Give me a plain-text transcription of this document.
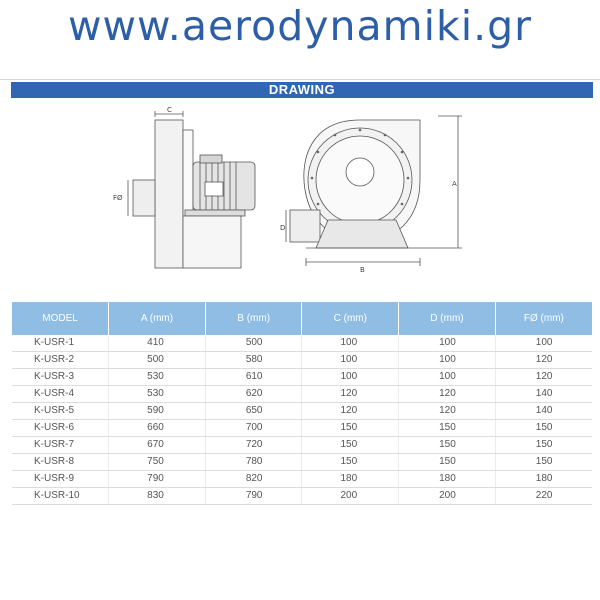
www.aerodynamiki.gr
DRAWING
C
FØ
D
B
A
MODEL	A (mm)	B (mm)	C (mm)	D (mm)	FØ (mm)
K-USR-1	410	500	100	100	100
K-USR-2	500	580	100	100	120
K-USR-3	530	610	100	100	120
K-USR-4	530	620	120	120	140
K-USR-5	590	650	120	120	140
K-USR-6	660	700	150	150	150
K-USR-7	670	720	150	150	150
K-USR-8	750	780	150	150	150
K-USR-9	790	820	180	180	180
K-USR-10	830	790	200	200	220
